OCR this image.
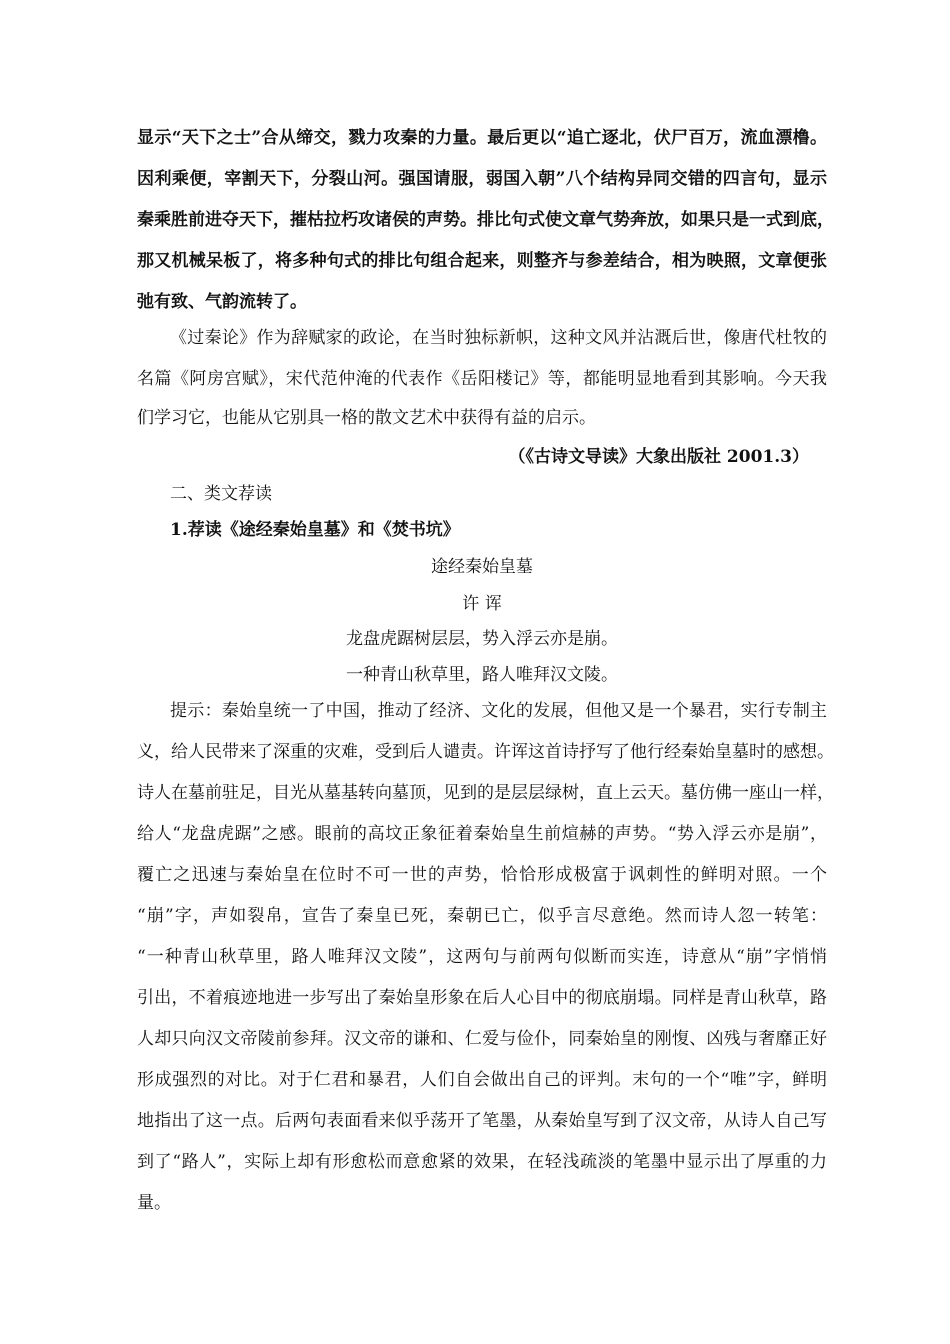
显示“天下之士”合从缔交，戮力攻秦的力量。最后更以“追亡逐北，伏尸百万，流血漂橹。
因利乘便，宰割天下，分裂山河。强国请服，弱国入朝”八个结构异同交错的四言句，显示
秦乘胜前进夺天下，摧枯拉朽攻诸侯的声势。排比句式使文章气势奔放，如果只是一式到底，
那又机械呆板了，将多种句式的排比句组合起来，则整齐与参差结合，相为映照，文章便张
弛有致、气韵流转了。
《过秦论》作为辞赋家的政论，在当时独标新帜，这种文风并沾溉后世，像唐代杜牧的
名篇《阿房宫赋》，宋代范仲淹的代表作《岳阳楼记》等，都能明显地看到其影响。今天我
们学习它，也能从它别具一格的散文艺术中获得有益的启示。
（《古诗文导读》大象出版社 2001.3）
二、类文荐读
1.荐读《途经秦始皇墓》和《焚书坑》
途经秦始皇墓
许 诨
龙盘虎踞树层层，势入浮云亦是崩。
一种青山秋草里，路人唯拜汉文陵。
提示：秦始皇统一了中国，推动了经济、文化的发展，但他又是一个暴君，实行专制主
义，给人民带来了深重的灾难，受到后人谴责。许诨这首诗抒写了他行经秦始皇墓时的感想。
诗人在墓前驻足，目光从墓基转向墓顶，见到的是层层绿树，直上云天。墓仿佛一座山一样，
给人“龙盘虎踞”之感。眼前的高坟正象征着秦始皇生前煊赫的声势。“势入浮云亦是崩”，
覆亡之迅速与秦始皇在位时不可一世的声势，恰恰形成极富于讽刺性的鲜明对照。一个
“崩”字，声如裂帛，宣告了秦皇已死，秦朝已亡，似乎言尽意绝。然而诗人忽一转笔：
“一种青山秋草里，路人唯拜汉文陵”，这两句与前两句似断而实连，诗意从“崩”字悄悄
引出，不着痕迹地进一步写出了秦始皇形象在后人心目中的彻底崩塌。同样是青山秋草，路
人却只向汉文帝陵前参拜。汉文帝的谦和、仁爱与俭仆，同秦始皇的刚愎、凶残与奢靡正好
形成强烈的对比。对于仁君和暴君，人们自会做出自己的评判。末句的一个“唯”字，鲜明
地指出了这一点。后两句表面看来似乎荡开了笔墨，从秦始皇写到了汉文帝，从诗人自己写
到了“路人”，实际上却有形愈松而意愈紧的效果，在轻浅疏淡的笔墨中显示出了厚重的力
量。
